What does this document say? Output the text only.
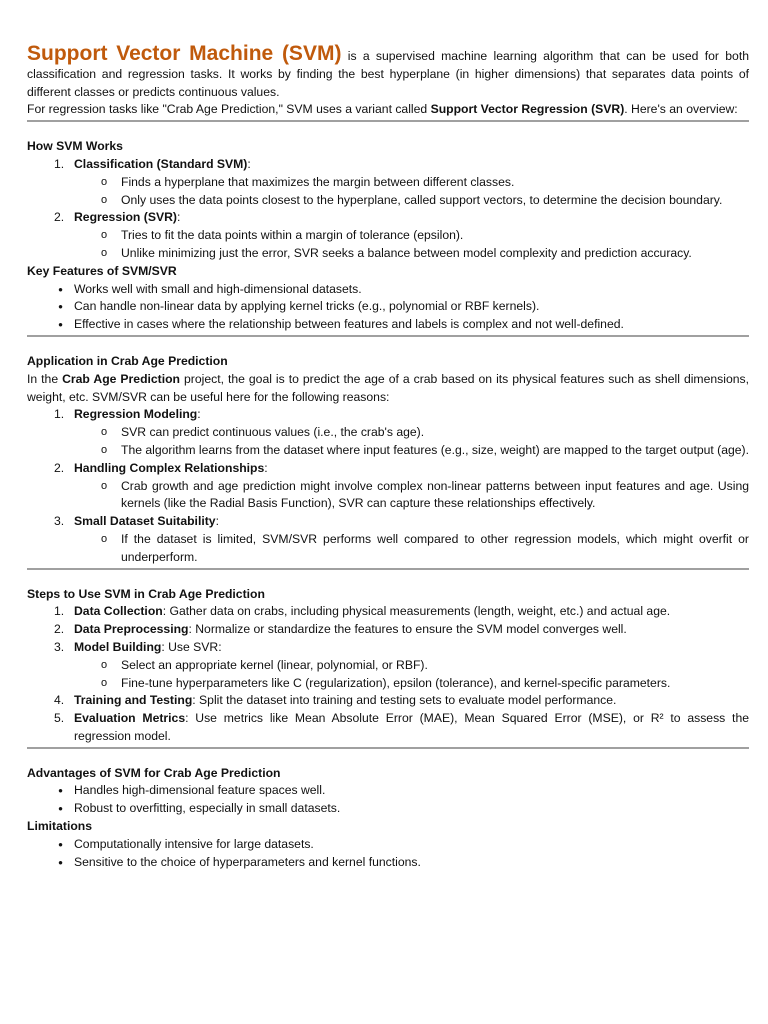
Support Vector Machine (SVM) is a supervised machine learning algorithm that can be used for both classification and regression tasks. It works by finding the best hyperplane (in higher dimensions) that separates data points of different classes or predicts continuous values.

For regression tasks like "Crab Age Prediction," SVM uses a variant called Support Vector Regression (SVR). Here's an overview:

How SVM Works
1. Classification (Standard SVM):
o	Finds a hyperplane that maximizes the margin between different classes.
o	Only uses the data points closest to the hyperplane, called support vectors, to determine the decision boundary.
2. Regression (SVR):
o	Tries to fit the data points within a margin of tolerance (epsilon).
o	Unlike minimizing just the error, SVR seeks a balance between model complexity and prediction accuracy.
Key Features of SVM/SVR
• Works well with small and high-dimensional datasets.
• Can handle non-linear data by applying kernel tricks (e.g., polynomial or RBF kernels).
• Effective in cases where the relationship between features and labels is complex and not well-defined.
Application in Crab Age Prediction

In the Crab Age Prediction project, the goal is to predict the age of a crab based on its physical features such as shell dimensions, weight, etc. SVM/SVR can be useful here for the following reasons:

1. Regression Modeling:
o	SVR can predict continuous values (i.e., the crab's age).
o	The algorithm learns from the dataset where input features (e.g., size, weight) are mapped to the target output (age).
2. Handling Complex Relationships:
o	Crab growth and age prediction might involve complex non-linear patterns between input features and age. Using kernels (like the Radial Basis Function), SVR can capture these relationships effectively.
3. Small Dataset Suitability:
o	If the dataset is limited, SVM/SVR performs well compared to other regression models, which might overfit or underperform.
Steps to Use SVM in Crab Age Prediction
1. Data Collection: Gather data on crabs, including physical measurements (length, weight, etc.) and actual age.
2. Data Preprocessing: Normalize or standardize the features to ensure the SVM model converges well.
3. Model Building: Use SVR:
o	Select an appropriate kernel (linear, polynomial, or RBF).
o	Fine-tune hyperparameters like C (regularization), epsilon (tolerance), and kernel-specific parameters.
4. Training and Testing: Split the dataset into training and testing sets to evaluate model performance.
5. Evaluation Metrics: Use metrics like Mean Absolute Error (MAE), Mean Squared Error (MSE), or R² to assess the regression model.
Advantages of SVM for Crab Age Prediction
• Handles high-dimensional feature spaces well.
• Robust to overfitting, especially in small datasets.
Limitations
• Computationally intensive for large datasets.
• Sensitive to the choice of hyperparameters and kernel functions.
